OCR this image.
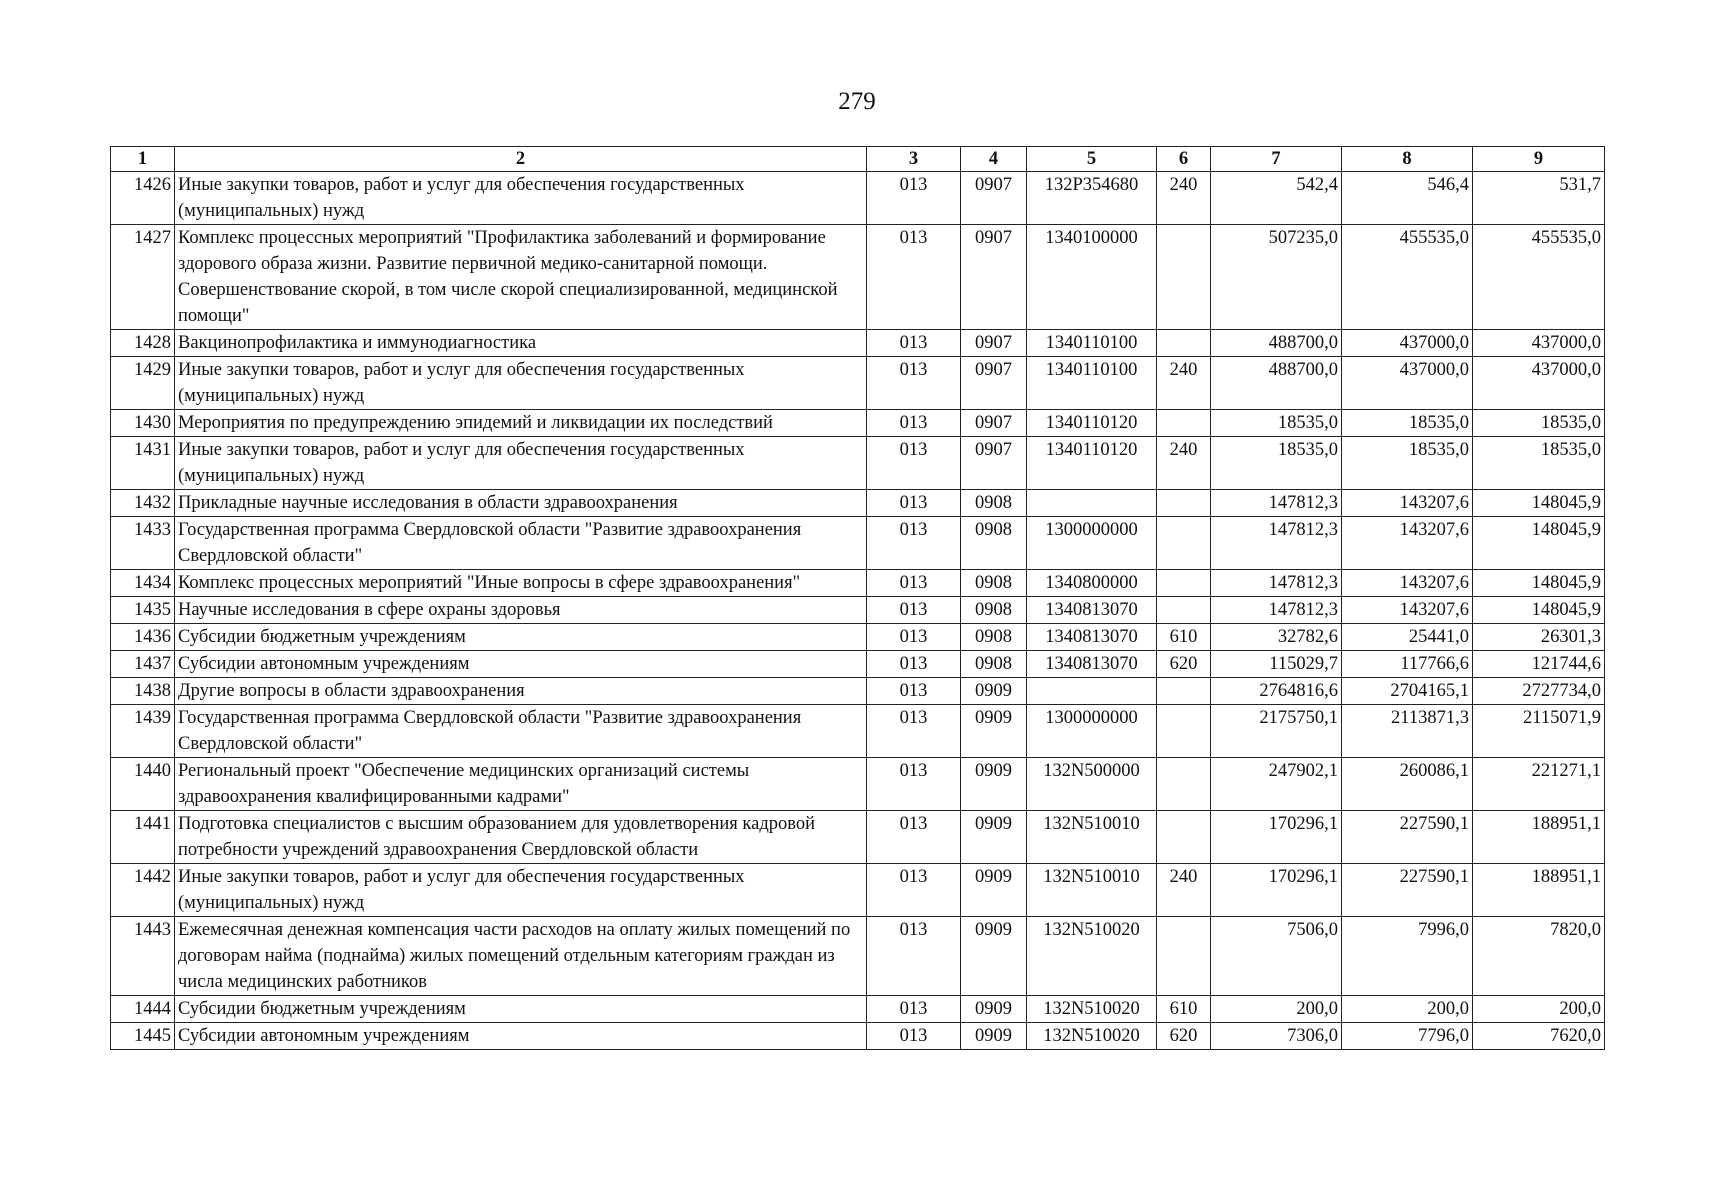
279
1	2	3	4	5	6	7	8	9
1426	Иные закупки товаров, работ и услуг для обеспечения государственных (муниципальных) нужд	013	0907	132P354680	240	542,4	546,4	531,7
1427	Комплекс процессных мероприятий "Профилактика заболеваний и формирование здорового образа жизни. Развитие первичной медико-санитарной помощи. Совершенствование скорой, в том числе скорой специализированной, медицинской помощи"	013	0907	1340100000		507235,0	455535,0	455535,0
1428	Вакцинопрофилактика и иммунодиагностика	013	0907	1340110100		488700,0	437000,0	437000,0
1429	Иные закупки товаров, работ и услуг для обеспечения государственных (муниципальных) нужд	013	0907	1340110100	240	488700,0	437000,0	437000,0
1430	Мероприятия по предупреждению эпидемий и ликвидации их последствий	013	0907	1340110120		18535,0	18535,0	18535,0
1431	Иные закупки товаров, работ и услуг для обеспечения государственных (муниципальных) нужд	013	0907	1340110120	240	18535,0	18535,0	18535,0
1432	Прикладные научные исследования в области здравоохранения	013	0908			147812,3	143207,6	148045,9
1433	Государственная программа Свердловской области "Развитие здравоохранения Свердловской области"	013	0908	1300000000		147812,3	143207,6	148045,9
1434	Комплекс процессных мероприятий "Иные вопросы в сфере здравоохранения"	013	0908	1340800000		147812,3	143207,6	148045,9
1435	Научные исследования в сфере охраны здоровья	013	0908	1340813070		147812,3	143207,6	148045,9
1436	Субсидии бюджетным учреждениям	013	0908	1340813070	610	32782,6	25441,0	26301,3
1437	Субсидии автономным учреждениям	013	0908	1340813070	620	115029,7	117766,6	121744,6
1438	Другие вопросы в области здравоохранения	013	0909			2764816,6	2704165,1	2727734,0
1439	Государственная программа Свердловской области "Развитие здравоохранения Свердловской области"	013	0909	1300000000		2175750,1	2113871,3	2115071,9
1440	Региональный проект "Обеспечение медицинских организаций системы здравоохранения квалифицированными кадрами"	013	0909	132N500000		247902,1	260086,1	221271,1
1441	Подготовка специалистов с высшим образованием для удовлетворения кадровой потребности учреждений здравоохранения Свердловской области	013	0909	132N510010		170296,1	227590,1	188951,1
1442	Иные закупки товаров, работ и услуг для обеспечения государственных (муниципальных) нужд	013	0909	132N510010	240	170296,1	227590,1	188951,1
1443	Ежемесячная денежная компенсация части расходов на оплату жилых помещений по договорам найма (поднайма) жилых помещений отдельным категориям граждан из числа медицинских работников	013	0909	132N510020		7506,0	7996,0	7820,0
1444	Субсидии бюджетным учреждениям	013	0909	132N510020	610	200,0	200,0	200,0
1445	Субсидии автономным учреждениям	013	0909	132N510020	620	7306,0	7796,0	7620,0
